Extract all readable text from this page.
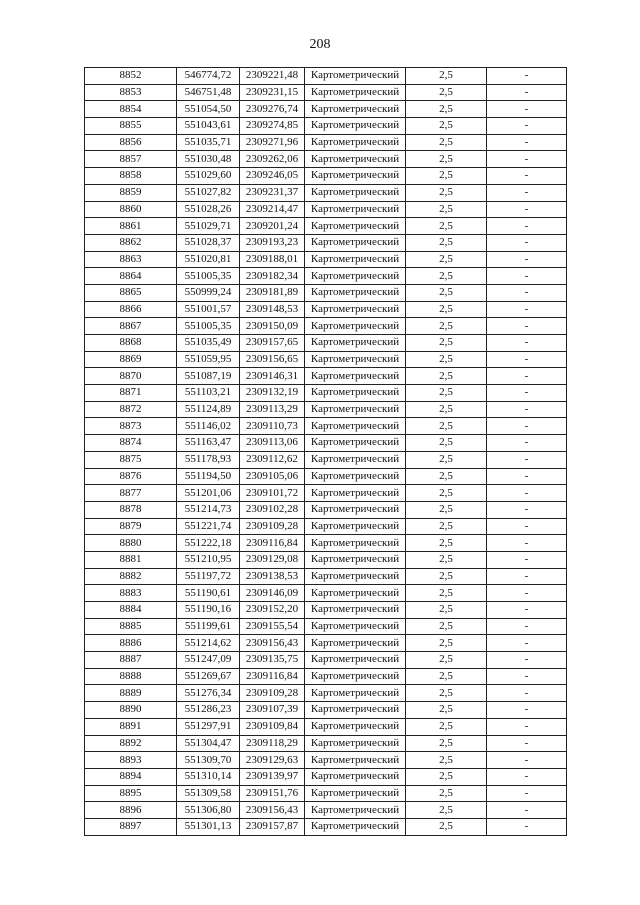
208
8852	546774,72	2309221,48	Картометрический	2,5	-
8853	546751,48	2309231,15	Картометрический	2,5	-
8854	551054,50	2309276,74	Картометрический	2,5	-
8855	551043,61	2309274,85	Картометрический	2,5	-
8856	551035,71	2309271,96	Картометрический	2,5	-
8857	551030,48	2309262,06	Картометрический	2,5	-
8858	551029,60	2309246,05	Картометрический	2,5	-
8859	551027,82	2309231,37	Картометрический	2,5	-
8860	551028,26	2309214,47	Картометрический	2,5	-
8861	551029,71	2309201,24	Картометрический	2,5	-
8862	551028,37	2309193,23	Картометрический	2,5	-
8863	551020,81	2309188,01	Картометрический	2,5	-
8864	551005,35	2309182,34	Картометрический	2,5	-
8865	550999,24	2309181,89	Картометрический	2,5	-
8866	551001,57	2309148,53	Картометрический	2,5	-
8867	551005,35	2309150,09	Картометрический	2,5	-
8868	551035,49	2309157,65	Картометрический	2,5	-
8869	551059,95	2309156,65	Картометрический	2,5	-
8870	551087,19	2309146,31	Картометрический	2,5	-
8871	551103,21	2309132,19	Картометрический	2,5	-
8872	551124,89	2309113,29	Картометрический	2,5	-
8873	551146,02	2309110,73	Картометрический	2,5	-
8874	551163,47	2309113,06	Картометрический	2,5	-
8875	551178,93	2309112,62	Картометрический	2,5	-
8876	551194,50	2309105,06	Картометрический	2,5	-
8877	551201,06	2309101,72	Картометрический	2,5	-
8878	551214,73	2309102,28	Картометрический	2,5	-
8879	551221,74	2309109,28	Картометрический	2,5	-
8880	551222,18	2309116,84	Картометрический	2,5	-
8881	551210,95	2309129,08	Картометрический	2,5	-
8882	551197,72	2309138,53	Картометрический	2,5	-
8883	551190,61	2309146,09	Картометрический	2,5	-
8884	551190,16	2309152,20	Картометрический	2,5	-
8885	551199,61	2309155,54	Картометрический	2,5	-
8886	551214,62	2309156,43	Картометрический	2,5	-
8887	551247,09	2309135,75	Картометрический	2,5	-
8888	551269,67	2309116,84	Картометрический	2,5	-
8889	551276,34	2309109,28	Картометрический	2,5	-
8890	551286,23	2309107,39	Картометрический	2,5	-
8891	551297,91	2309109,84	Картометрический	2,5	-
8892	551304,47	2309118,29	Картометрический	2,5	-
8893	551309,70	2309129,63	Картометрический	2,5	-
8894	551310,14	2309139,97	Картометрический	2,5	-
8895	551309,58	2309151,76	Картометрический	2,5	-
8896	551306,80	2309156,43	Картометрический	2,5	-
8897	551301,13	2309157,87	Картометрический	2,5	-
